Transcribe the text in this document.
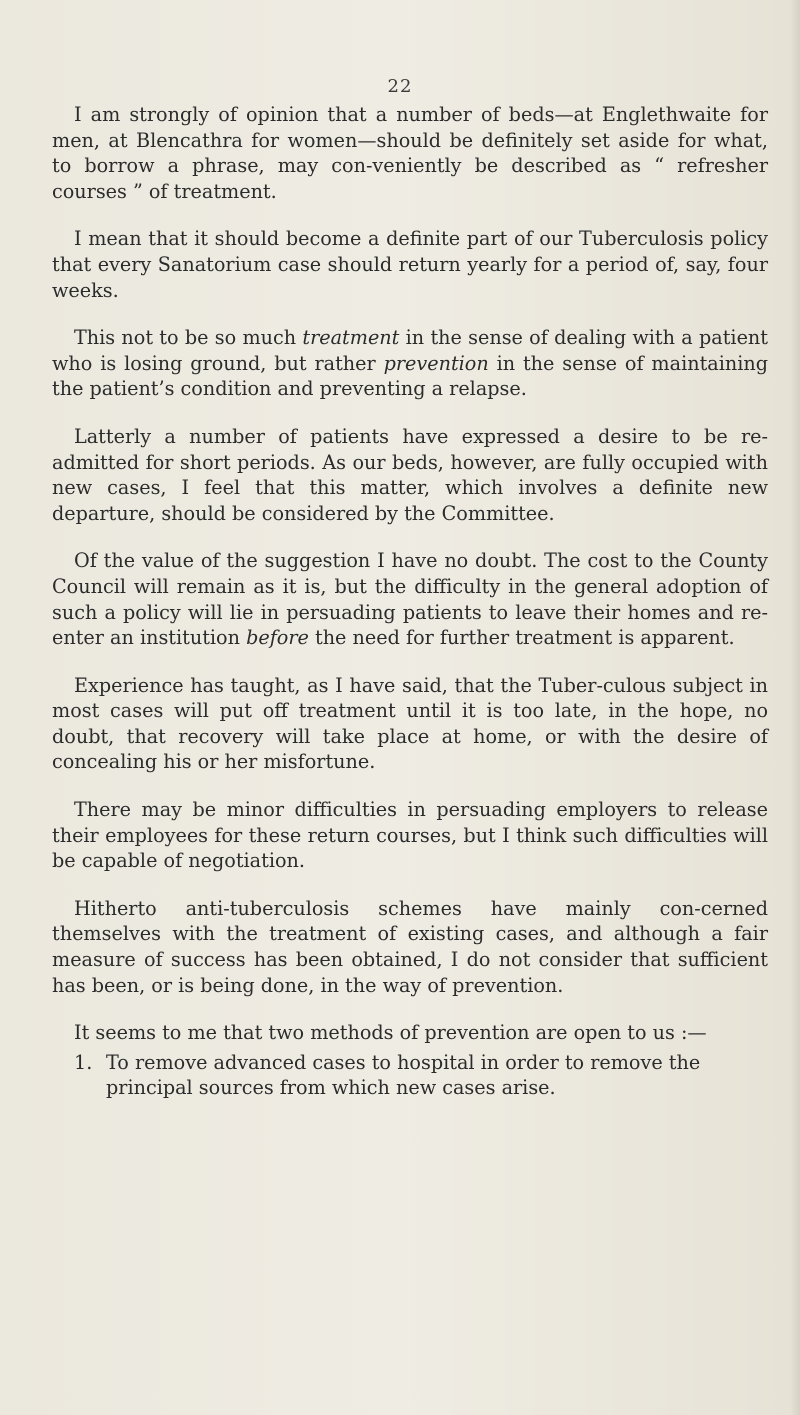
22

I am strongly of opinion that a number of beds—at Englethwaite for men, at Blencathra for women—should be definitely set aside for what, to borrow a phrase, may con-veniently be described as “ refresher courses ” of treatment.

I mean that it should become a definite part of our Tuberculosis policy that every Sanatorium case should return yearly for a period of, say, four weeks.

This not to be so much treatment in the sense of dealing with a patient who is losing ground, but rather prevention in the sense of maintaining the patient’s condition and preventing a relapse.

Latterly a number of patients have expressed a desire to be re-admitted for short periods. As our beds, however, are fully occupied with new cases, I feel that this matter, which involves a definite new departure, should be considered by the Committee.

Of the value of the suggestion I have no doubt. The cost to the County Council will remain as it is, but the difficulty in the general adoption of such a policy will lie in persuading patients to leave their homes and re-enter an institution before the need for further treatment is apparent.

Experience has taught, as I have said, that the Tuber-culous subject in most cases will put off treatment until it is too late, in the hope, no doubt, that recovery will take place at home, or with the desire of concealing his or her misfortune.

There may be minor difficulties in persuading employers to release their employees for these return courses, but I think such difficulties will be capable of negotiation.

Hitherto anti-tuberculosis schemes have mainly con-cerned themselves with the treatment of existing cases, and although a fair measure of success has been obtained, I do not consider that sufficient has been, or is being done, in the way of prevention.

It seems to me that two methods of prevention are open to us :—

1. To remove advanced cases to hospital in order to remove the principal sources from which new cases arise.
